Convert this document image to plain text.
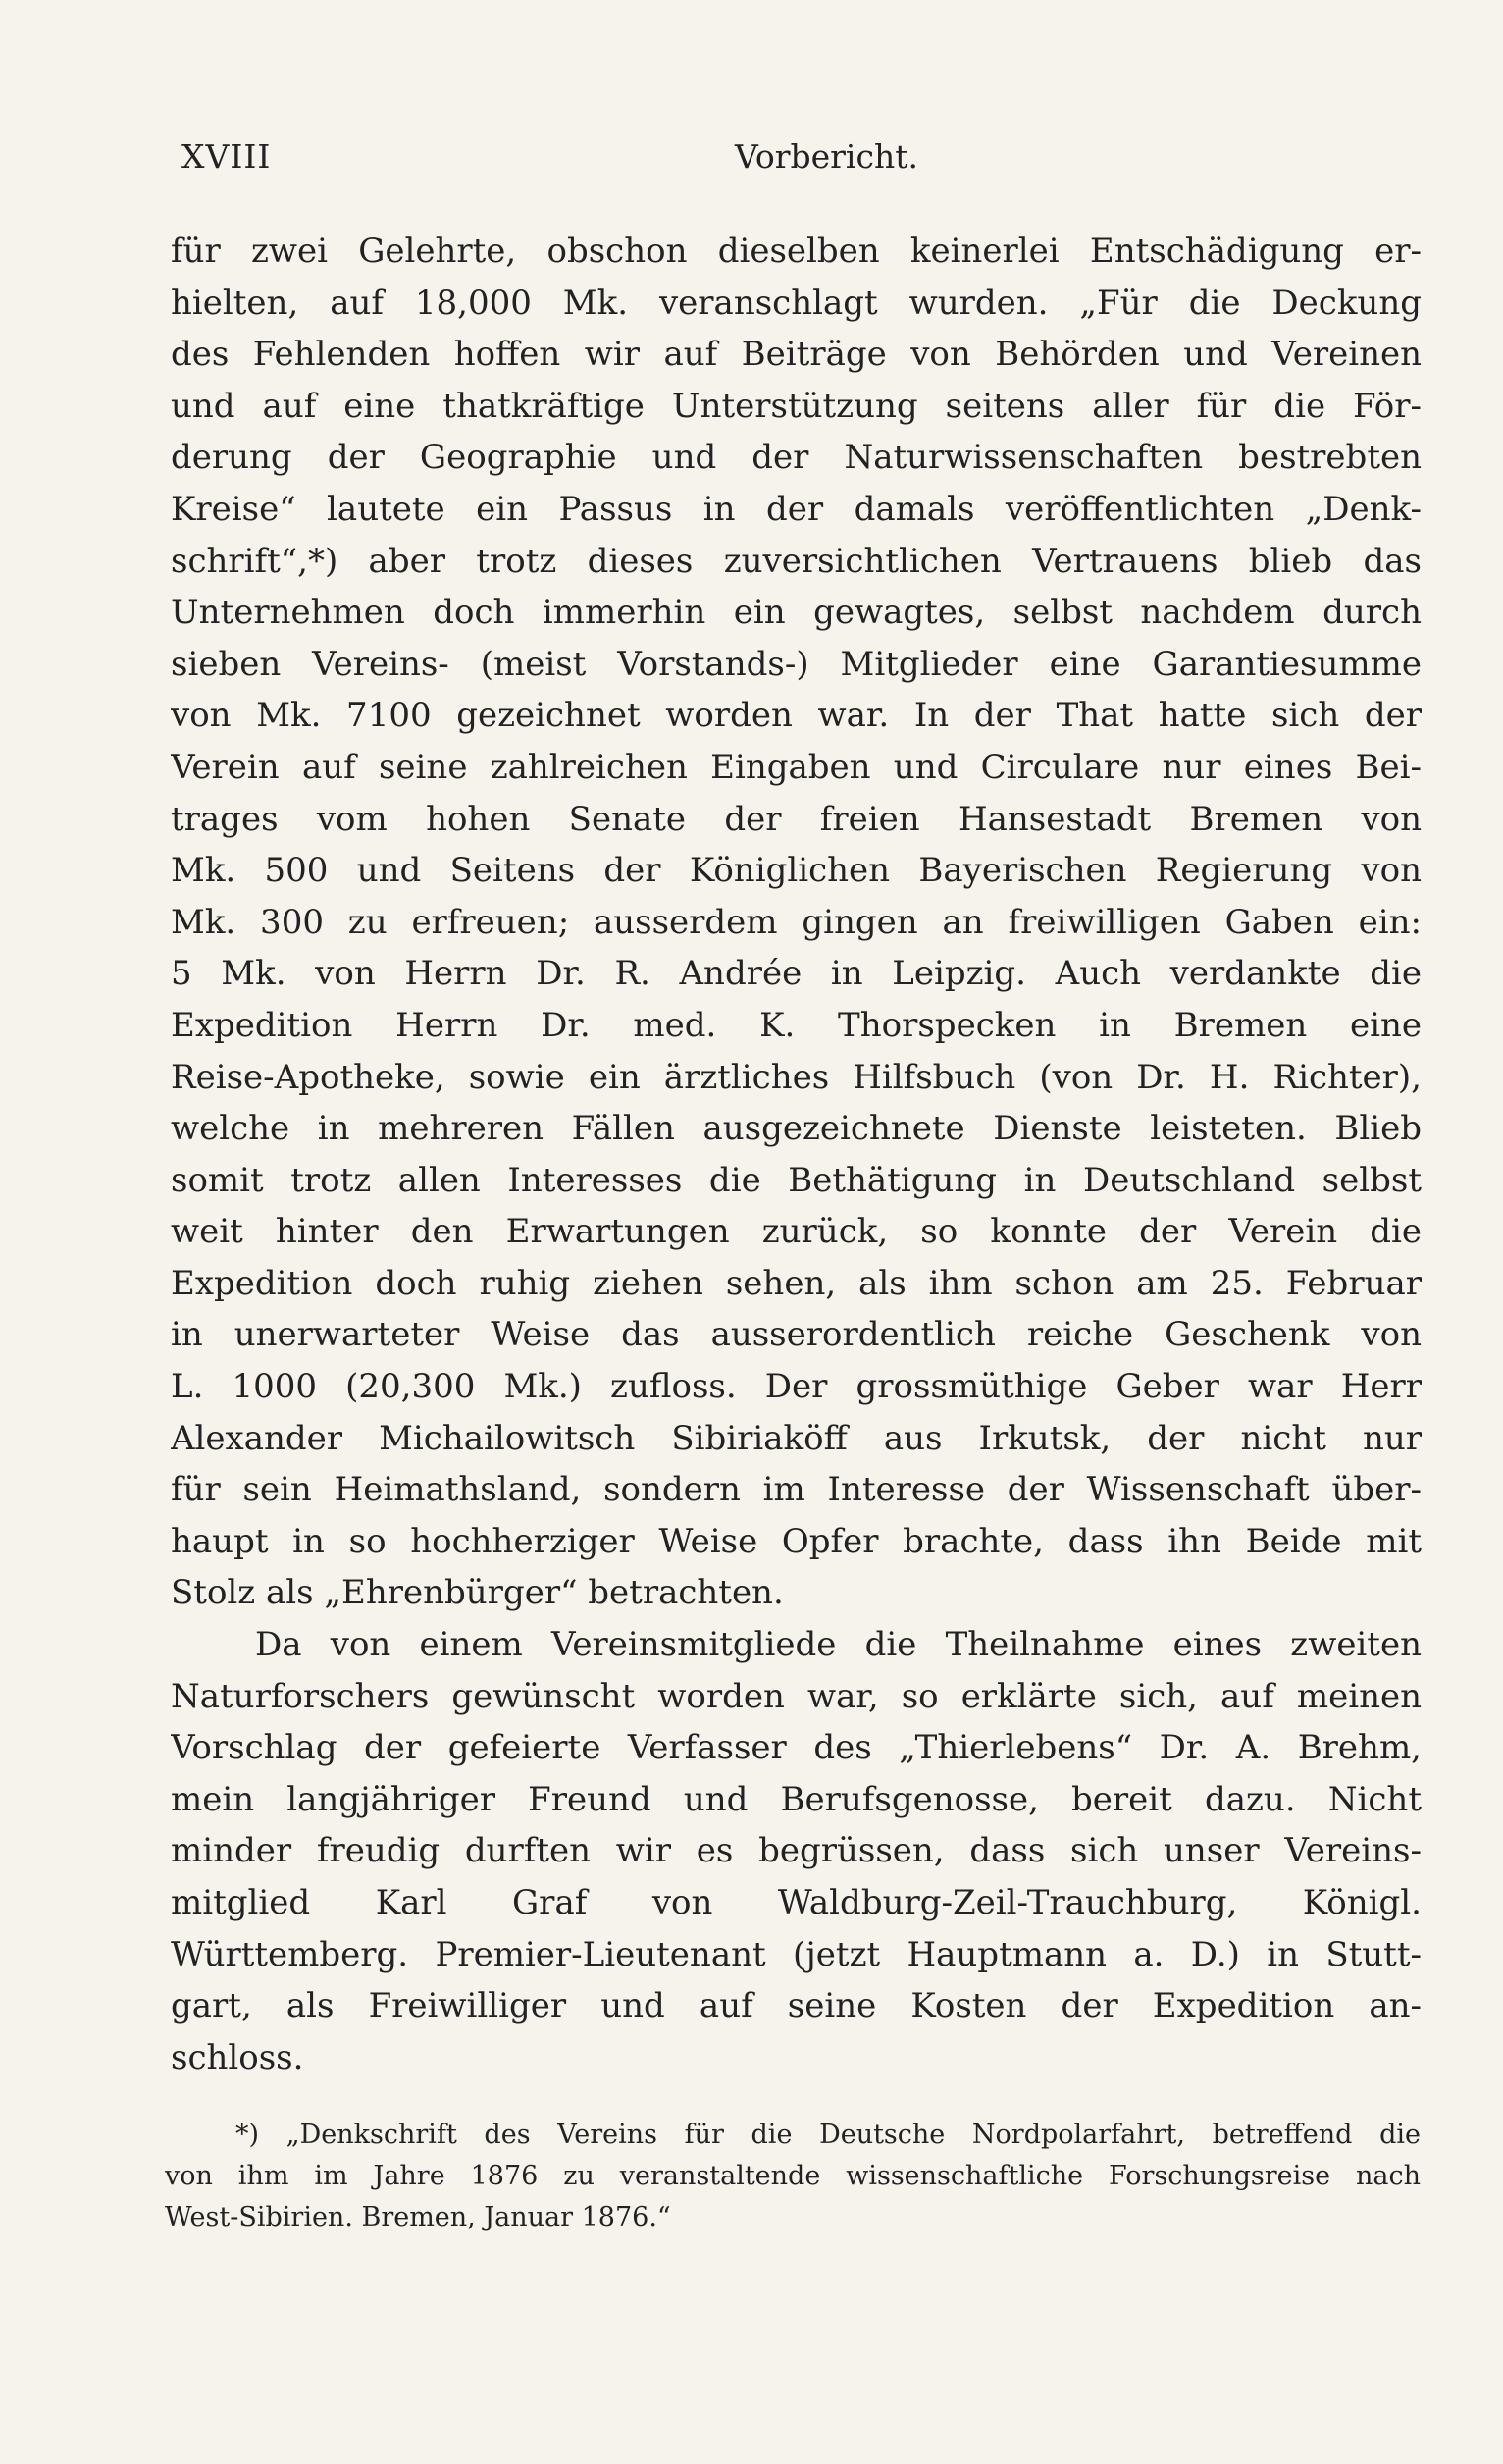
XVIII	Vorbericht.
für zwei Gelehrte, obschon dieselben keinerlei Entschädigung er-
hielten, auf 18,000 Mk. veranschlagt wurden. „Für die Deckung
des Fehlenden hoffen wir auf Beiträge von Behörden und Vereinen
und auf eine thatkräftige Unterstützung seitens aller für die För-
derung der Geographie und der Naturwissenschaften bestrebten
Kreise“ lautete ein Passus in der damals veröffentlichten „Denk-
schrift“,*) aber trotz dieses zuversichtlichen Vertrauens blieb das
Unternehmen doch immerhin ein gewagtes, selbst nachdem durch
sieben Vereins- (meist Vorstands-) Mitglieder eine Garantiesumme
von Mk. 7100 gezeichnet worden war. In der That hatte sich der
Verein auf seine zahlreichen Eingaben und Circulare nur eines Bei-
trages vom hohen Senate der freien Hansestadt Bremen von
Mk. 500 und Seitens der Königlichen Bayerischen Regierung von
Mk. 300 zu erfreuen; ausserdem gingen an freiwilligen Gaben ein:
5 Mk. von Herrn Dr. R. Andrée in Leipzig. Auch verdankte die
Expedition Herrn Dr. med. K. Thorspecken in Bremen eine
Reise-Apotheke, sowie ein ärztliches Hilfsbuch (von Dr. H. Richter),
welche in mehreren Fällen ausgezeichnete Dienste leisteten. Blieb
somit trotz allen Interesses die Bethätigung in Deutschland selbst
weit hinter den Erwartungen zurück, so konnte der Verein die
Expedition doch ruhig ziehen sehen, als ihm schon am 25. Februar
in unerwarteter Weise das ausserordentlich reiche Geschenk von
L. 1000 (20,300 Mk.) zufloss. Der grossmüthige Geber war Herr
Alexander Michailowitsch Sibiriaköff aus Irkutsk, der nicht nur
für sein Heimathsland, sondern im Interesse der Wissenschaft über-
haupt in so hochherziger Weise Opfer brachte, dass ihn Beide mit
Stolz als „Ehrenbürger“ betrachten.
Da von einem Vereinsmitgliede die Theilnahme eines zweiten
Naturforschers gewünscht worden war, so erklärte sich, auf meinen
Vorschlag der gefeierte Verfasser des „Thierlebens“ Dr. A. Brehm,
mein langjähriger Freund und Berufsgenosse, bereit dazu. Nicht
minder freudig durften wir es begrüssen, dass sich unser Vereins-
mitglied Karl Graf von Waldburg-Zeil-Trauchburg, Königl.
Württemberg. Premier-Lieutenant (jetzt Hauptmann a. D.) in Stutt-
gart, als Freiwilliger und auf seine Kosten der Expedition an-
schloss.
*) „Denkschrift des Vereins für die Deutsche Nordpolarfahrt, betreffend die
von ihm im Jahre 1876 zu veranstaltende wissenschaftliche Forschungsreise nach
West-Sibirien. Bremen, Januar 1876.“
